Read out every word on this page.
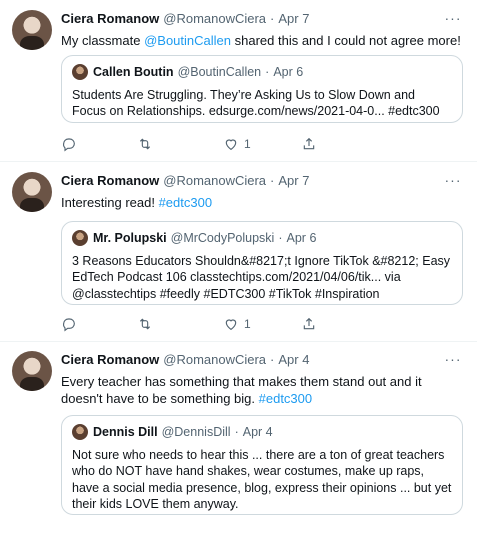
Ciera Romanow @RomanowCiera · Apr 7	···
My classmate @BoutinCallen shared this and I could not agree more!
Callen Boutin @BoutinCallen · Apr 6
Students Are Struggling. They’re Asking Us to Slow Down and Focus on Relationships. edsurge.com/news/2021-04-0... #edtc300
1
Ciera Romanow @RomanowCiera · Apr 7	···
Interesting read! #edtc300
Mr. Polupski @MrCodyPolupski · Apr 6
3 Reasons Educators Shouldn&#8217;t Ignore TikTok &#8212; Easy EdTech Podcast 106 classtechtips.com/2021/04/06/tik... via @classtechtips #feedly #EDTC300 #TikTok #Inspiration
1
Ciera Romanow @RomanowCiera · Apr 4	···
Every teacher has something that makes them stand out and it doesn't have to be something big. #edtc300
Dennis Dill @DennisDill · Apr 4
Not sure who needs to hear this ... there are a ton of great teachers who do NOT have hand shakes, wear costumes, make up raps, have a social media presence, blog, express their opinions ... but yet their kids LOVE them anyway.
